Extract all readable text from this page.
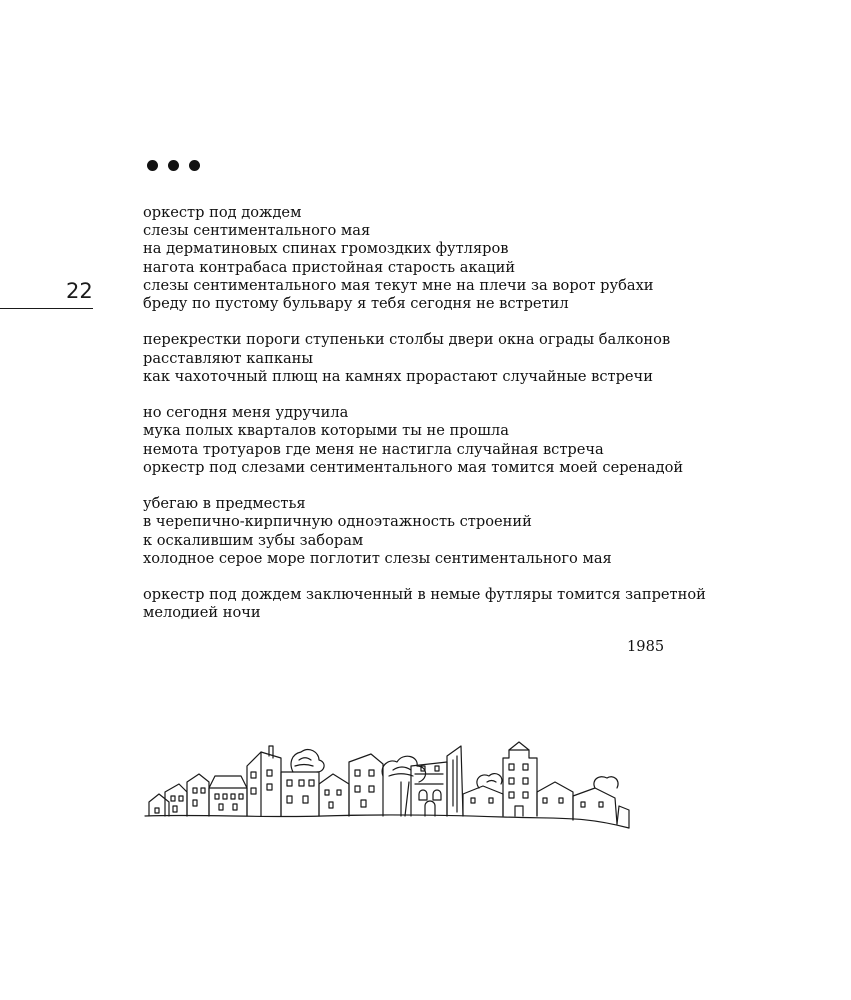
22
оркестр под дождем
слезы сентиментального мая
на дерматиновых спинах громоздких футляров
нагота контрабаса пристойная старость акаций
слезы сентиментального мая текут мне на плечи за ворот рубахи
бреду по пустому бульвару я тебя сегодня не встретил
перекрестки пороги ступеньки столбы двери окна ограды балконов
расставляют капканы
как чахоточный плющ на камнях прорастают случайные встречи
но сегодня меня удручила
мука полых кварталов которыми ты не прошла
немота тротуаров где меня не настигла случайная встреча
оркестр под слезами сентиментального мая томится моей серенадой
убегаю в предместья
в черепично-кирпичную одноэтажность строений
к оскалившим зубы заборам
холодное серое море поглотит слезы сентиментального мая
оркестр под дождем заключенный в немые футляры томится запретной
мелодией ночи
1985
